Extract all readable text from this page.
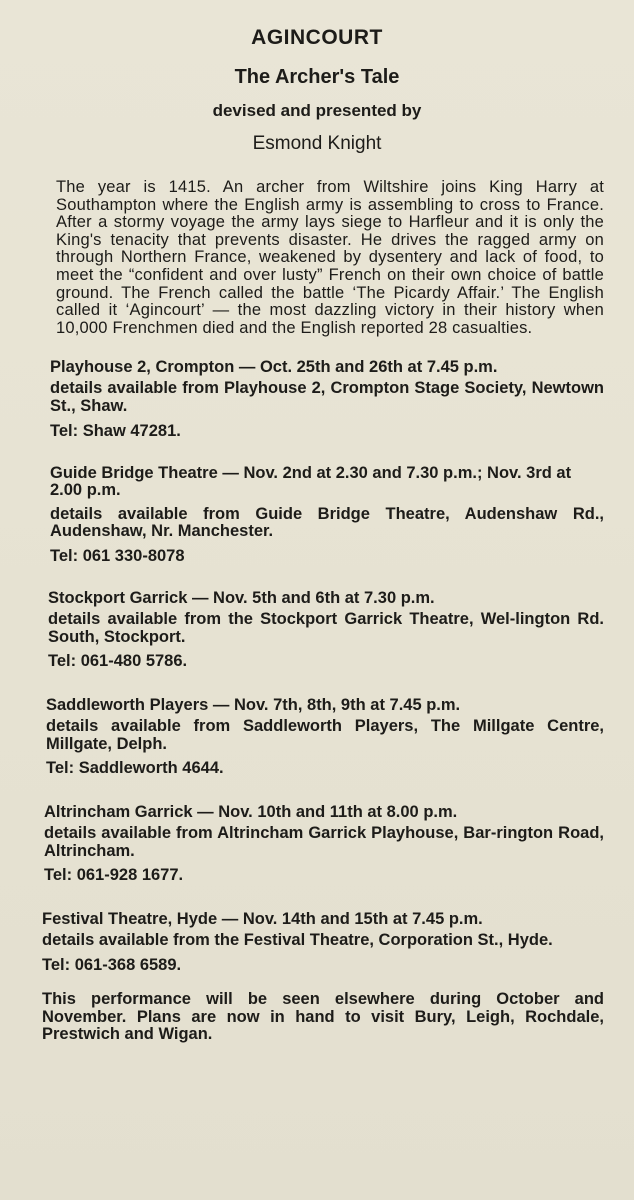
AGINCOURT
The Archer's Tale
devised and presented by
Esmond Knight

The year is 1415. An archer from Wiltshire joins King Harry at Southampton where the English army is assembling to cross to France. After a stormy voyage the army lays siege to Harfleur and it is only the King's tenacity that prevents disaster. He drives the ragged army on through Northern France, weakened by dysentery and lack of food, to meet the “confident and over lusty” French on their own choice of battle ground. The French called the battle ‘The Picardy Affair.’ The English called it ‘Agincourt’ — the most dazzling victory in their history when 10,000 Frenchmen died and the English reported 28 casualties.

Playhouse 2, Crompton — Oct. 25th and 26th at 7.45 p.m.
details available from Playhouse 2, Crompton Stage Society, Newtown St., Shaw.
Tel: Shaw 47281.
Guide Bridge Theatre — Nov. 2nd at 2.30 and 7.30 p.m.; Nov. 3rd at 2.00 p.m.
details available from Guide Bridge Theatre, Audenshaw Rd., Audenshaw, Nr. Manchester.
Tel: 061 330-8078
Stockport Garrick — Nov. 5th and 6th at 7.30 p.m.
details available from the Stockport Garrick Theatre, Wel-lington Rd. South, Stockport.
Tel: 061-480 5786.
Saddleworth Players — Nov. 7th, 8th, 9th at 7.45 p.m.
details available from Saddleworth Players, The Millgate Centre, Millgate, Delph.
Tel: Saddleworth 4644.
Altrincham Garrick — Nov. 10th and 11th at 8.00 p.m.
details available from Altrincham Garrick Playhouse, Bar-rington Road, Altrincham.
Tel: 061-928 1677.
Festival Theatre, Hyde — Nov. 14th and 15th at 7.45 p.m.
details available from the Festival Theatre, Corporation St., Hyde.
Tel: 061-368 6589.

This performance will be seen elsewhere during October and November. Plans are now in hand to visit Bury, Leigh, Rochdale, Prestwich and Wigan.
